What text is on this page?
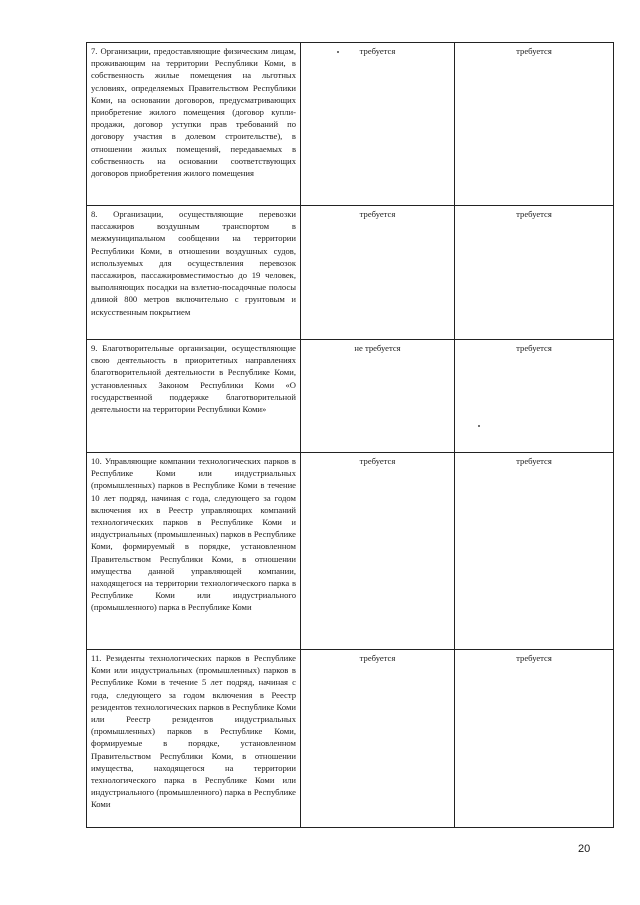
7. Организации, предоставляющие физическим лицам, проживающим на территории Республики Коми, в собственность жилые помещения на льготных условиях, определяемых Правительством Республики Коми, на основании договоров, предусматривающих приобретение жилого помещения (договор купли-продажи, договор уступки прав требований по договору участия в долевом строительстве), в отношении жилых помещений, передаваемых в собственность на основании соответствующих договоров приобретения жилого помещения	требуется	требуется
8. Организации, осуществляющие перевозки пассажиров воздушным транспортом в межмуниципальном сообщении на территории Республики Коми, в отношении воздушных судов, используемых для осуществления перевозок пассажиров, пассажировместимостью до 19 человек, выполняющих посадки на взлетно-посадочные полосы длиной 800 метров включительно с грунтовым и искусственным покрытием	требуется	требуется
9. Благотворительные организации, осуществляющие свою деятельность в приоритетных направлениях благотворительной деятельности в Республике Коми, установленных Законом Республики Коми «О государственной поддержке благотворительной деятельности на территории Республики Коми»	не требуется	требуется
10. Управляющие компании технологических парков в Республике Коми или индустриальных (промышленных) парков в Республике Коми в течение 10 лет подряд, начиная с года, следующего за годом включения их в Реестр управляющих компаний технологических парков в Республике Коми и индустриальных (промышленных) парков в Республике Коми, формируемый в порядке, установленном Правительством Республики Коми, в отношении имущества данной управляющей компании, находящегося на территории технологического парка в Республике Коми или индустриального (промышленного) парка в Республике Коми	требуется	требуется
11. Резиденты технологических парков в Республике Коми или индустриальных (промышленных) парков в Республике Коми в течение 5 лет подряд, начиная с года, следующего за годом включения в Реестр резидентов технологических парков в Республике Коми или Реестр резидентов индустриальных (промышленных) парков в Республике Коми, формируемые в порядке, установленном Правительством Республики Коми, в отношении имущества, находящегося на территории технологического парка в Республике Коми или индустриального (промышленного) парка в Республике Коми	требуется	требуется
20
